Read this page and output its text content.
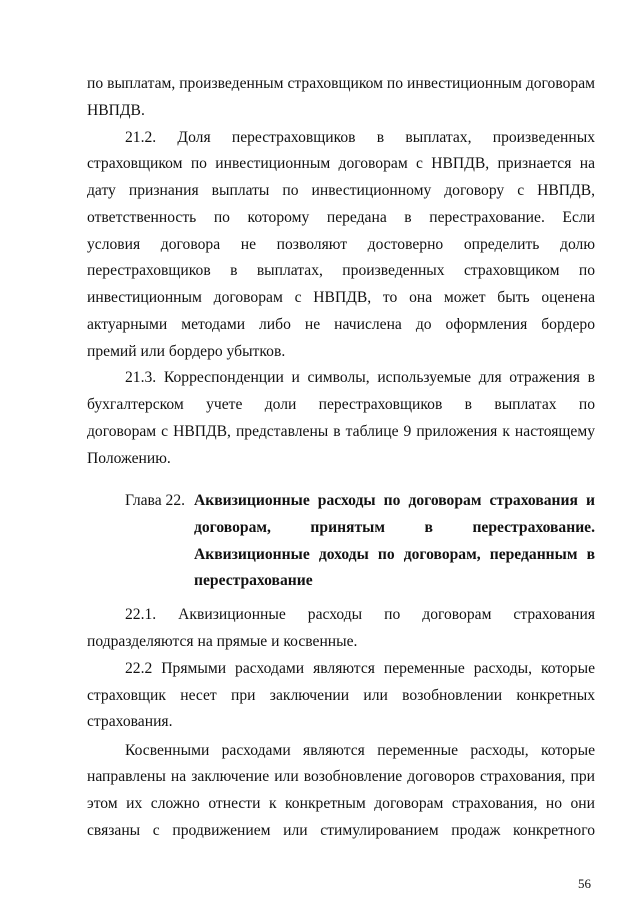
по выплатам, произведенным страховщиком по инвестиционным договорам
НВПДВ.
21.2. Доля перестраховщиков в выплатах, произведенных
страховщиком по инвестиционным договорам с НВПДВ, признается на
дату признания выплаты по инвестиционному договору с НВПДВ,
ответственность по которому передана в перестрахование. Если
условия договора не позволяют достоверно определить долю
перестраховщиков в выплатах, произведенных страховщиком по
инвестиционным договорам с НВПДВ, то она может быть оценена
актуарными методами либо не начислена до оформления бордеро
премий или бордеро убытков.
21.3. Корреспонденции и символы, используемые для отражения в
бухгалтерском учете доли перестраховщиков в выплатах по
договорам с НВПДВ, представлены в таблице 9 приложения к настоящему
Положению.
Глава 22. Аквизиционные расходы по договорам страхования и
договорам, принятым в перестрахование.
Аквизиционные доходы по договорам, переданным в
перестрахование
22.1. Аквизиционные расходы по договорам страхования
подразделяются на прямые и косвенные.
22.2 Прямыми расходами являются переменные расходы, которые
страховщик несет при заключении или возобновлении конкретных
страхования.
Косвенными расходами являются переменные расходы, которые
направлены на заключение или возобновление договоров страхования, при
этом их сложно отнести к конкретным договорам страхования, но они
связаны с продвижением или стимулированием продаж конкретного
56
